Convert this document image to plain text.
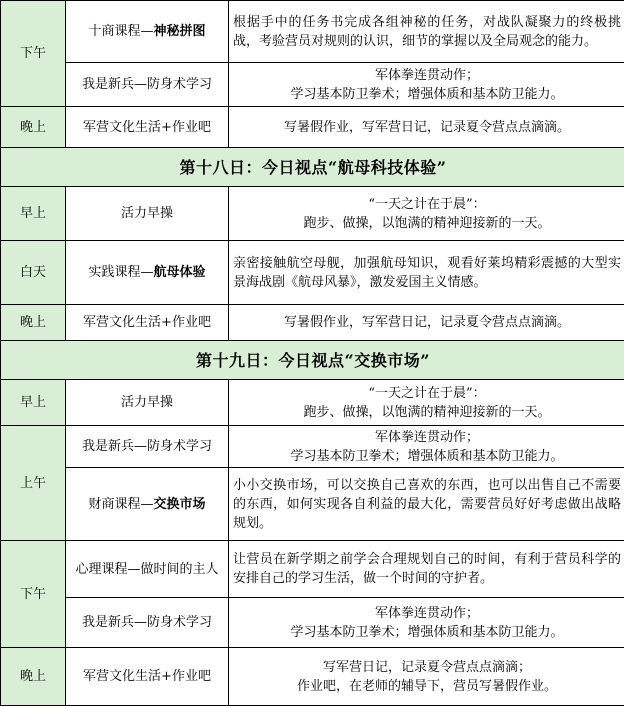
下午	十商课程—神秘拼图	根据手中的任务书完成各组神秘的任务，对战队凝聚力的终极挑战，考验营员对规则的认识，细节的掌握以及全局观念的能力。
	我是新兵—防身术学习	军体拳连贯动作；
学习基本防卫拳术；增强体质和基本防卫能力。

晚上	军营文化生活+作业吧	写暑假作业，写军营日记，记录夏令营点点滴滴。
第十八日：今日视点“航母科技体验”		
早上	活力早操	“一天之计在于晨”：
跑步、做操，以饱满的精神迎接新的一天。

白天	实践课程—航母体验	亲密接触航空母舰，加强航母知识，观看好莱坞精彩震撼的大型实景海战剧《航母风暴》，激发爱国主义情感。
晚上	军营文化生活+作业吧	写暑假作业，写军营日记，记录夏令营点点滴滴。
第十九日：今日视点“交换市场”		
早上	活力早操	“一天之计在于晨”：
跑步、做操，以饱满的精神迎接新的一天。

上午	我是新兵—防身术学习	军体拳连贯动作；
学习基本防卫拳术；增强体质和基本防卫能力。

	财商课程—交换市场	小小交换市场，可以交换自己喜欢的东西，也可以出售自己不需要的东西，如何实现各自利益的最大化，需要营员好好考虑做出战略规划。
下午	心理课程—做时间的主人	让营员在新学期之前学会合理规划自己的时间，有利于营员科学的安排自己的学习生活，做一个时间的守护者。
	我是新兵—防身术学习	军体拳连贯动作；
学习基本防卫拳术；增强体质和基本防卫能力。

晚上	军营文化生活+作业吧	写军营日记，记录夏令营点点滴滴；
作业吧，在老师的辅导下，营员写暑假作业。
